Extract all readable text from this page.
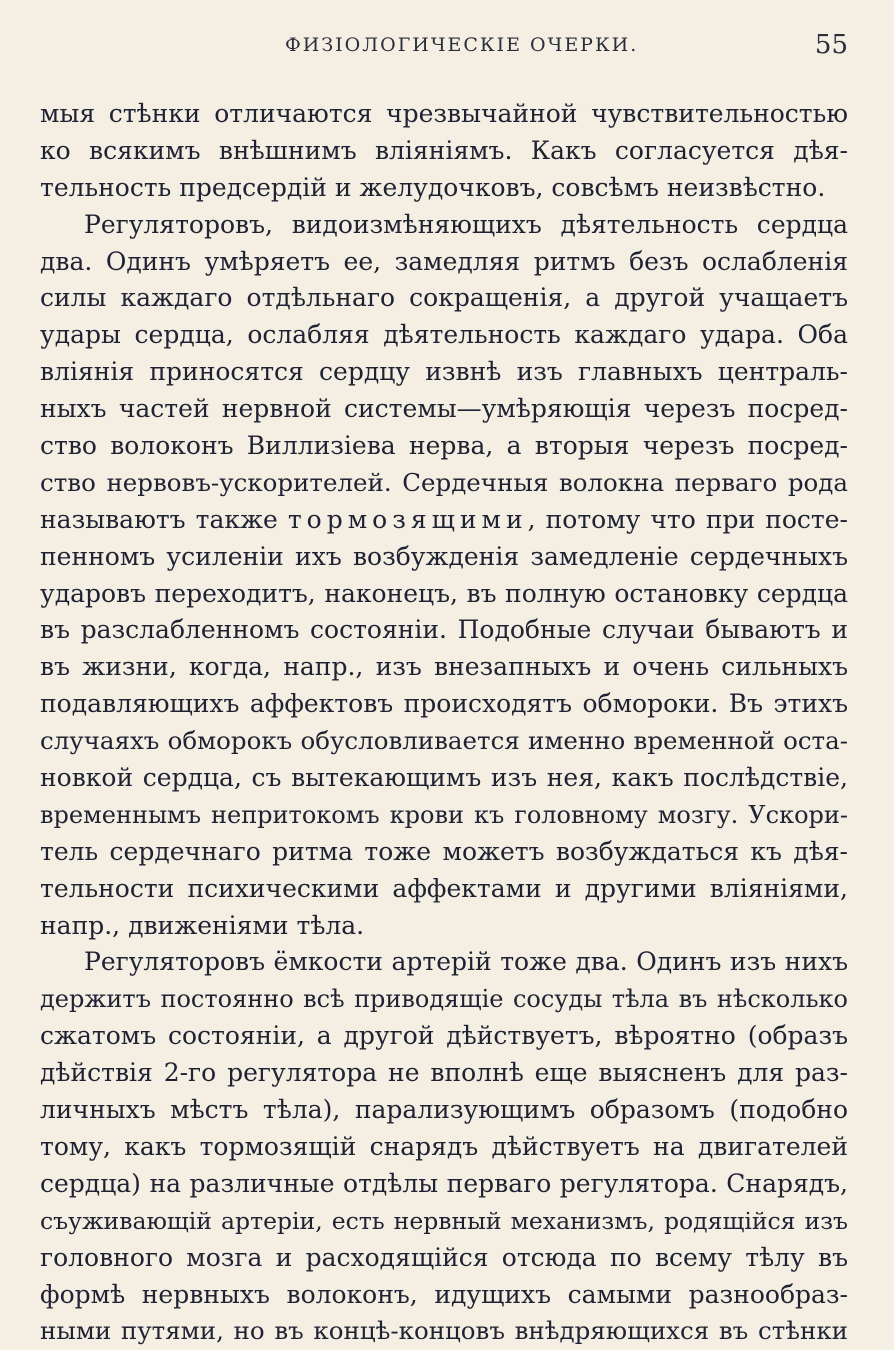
ФИЗІОЛОГИЧЕСКІЕ ОЧЕРКИ.	55
мыя стѣнки отличаются чрезвычайной чувствительностью
ко всякимъ внѣшнимъ вліяніямъ. Какъ согласуется дѣя-
тельность предсердій и желудочковъ, совсѣмъ неизвѣстно.
Регуляторовъ, видоизмѣняющихъ дѣятельность сердца
два. Одинъ умѣряетъ ее, замедляя ритмъ безъ ослабленія
силы каждаго отдѣльнаго сокращенія, а другой учащаетъ
удары сердца, ослабляя дѣятельность каждаго удара. Оба
вліянія приносятся сердцу извнѣ изъ главныхъ централь-
ныхъ частей нервной системы—умѣряющія черезъ посред-
ство волоконъ Виллизіева нерва, а вторыя черезъ посред-
ство нервовъ-ускорителей. Сердечныя волокна перваго рода
называютъ также тормозящими, потому что при посте-
пенномъ усиленіи ихъ возбужденія замедленіе сердечныхъ
ударовъ переходитъ, наконецъ, въ полную остановку сердца
въ разслабленномъ состояніи. Подобные случаи бываютъ и
въ жизни, когда, напр., изъ внезапныхъ и очень сильныхъ
подавляющихъ аффектовъ происходятъ обмороки. Въ этихъ
случаяхъ обморокъ обусловливается именно временной оста-
новкой сердца, съ вытекающимъ изъ нея, какъ послѣдствіе,
временнымъ непритокомъ крови къ головному мозгу. Ускори-
тель сердечнаго ритма тоже можетъ возбуждаться къ дѣя-
тельности психическими аффектами и другими вліяніями,
напр., движеніями тѣла.
Регуляторовъ ёмкости артерій тоже два. Одинъ изъ нихъ
держитъ постоянно всѣ приводящіе сосуды тѣла въ нѣсколько
сжатомъ состояніи, а другой дѣйствуетъ, вѣроятно (образъ
дѣйствія 2-го регулятора не вполнѣ еще выясненъ для раз-
личныхъ мѣстъ тѣла), парализующимъ образомъ (подобно
тому, какъ тормозящій снарядъ дѣйствуетъ на двигателей
сердца) на различные отдѣлы перваго регулятора. Снарядъ,
съуживающій артеріи, есть нервный механизмъ, родящійся изъ
головного мозга и расходящійся отсюда по всему тѣлу въ
формѣ нервныхъ волоконъ, идущихъ самыми разнообраз-
ными путями, но въ концѣ-концовъ внѣдряющихся въ стѣнки
